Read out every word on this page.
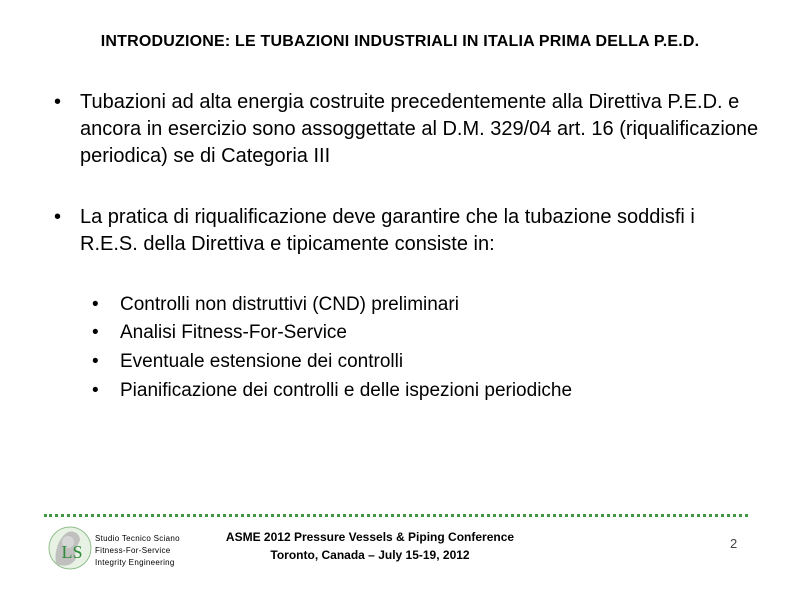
INTRODUZIONE: LE TUBAZIONI INDUSTRIALI IN ITALIA PRIMA DELLA P.E.D.
• Tubazioni ad alta energia costruite precedentemente alla Direttiva P.E.D. e ancora in esercizio sono assoggettate al D.M. 329/04 art. 16 (riqualificazione periodica) se di Categoria III
• La pratica di riqualificazione deve garantire che la tubazione soddisfi i R.E.S. della Direttiva e tipicamente consiste in:
• Controlli non distruttivi (CND) preliminari
• Analisi Fitness-For-Service
• Eventuale estensione dei controlli
• Pianificazione dei controlli e delle ispezioni periodiche
LS
Studio Tecnico Sciano
Fitness-For-Service
Integrity Engineering
ASME 2012 Pressure Vessels & Piping Conference
Toronto, Canada – July 15-19, 2012
2
